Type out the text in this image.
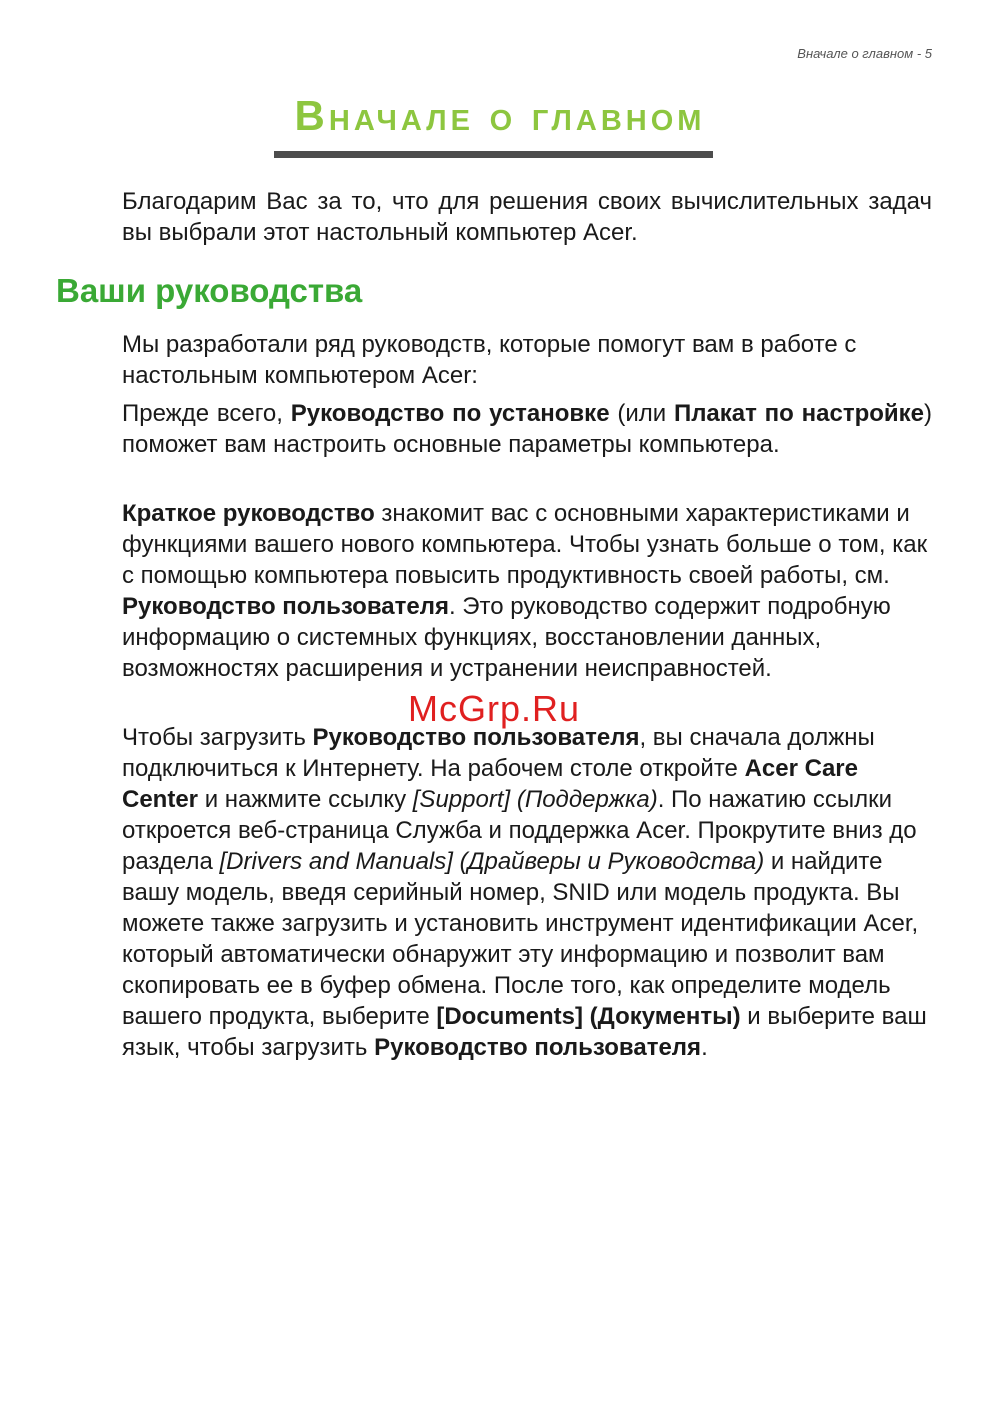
Вначале о главном - 5
Вначале о главном

Благодарим Вас за то, что для решения своих вычислительных задач вы выбрали этот настольный компьютер Acer.

Ваши руководства

Мы разработали ряд руководств, которые помогут вам в работе с настольным компьютером Acer:

Прежде всего, Руководство по установке (или Плакат по настройке) поможет вам настроить основные параметры компьютера.

Краткое руководство знакомит вас с основными характеристиками и функциями вашего нового компьютера. Чтобы узнать больше о том, как с помощью компьютера повысить продуктивность своей работы, см. Руководство пользователя. Это руководство содержит подробную информацию о системных функциях, восстановлении данных, возможностях расширения и устранении неисправностей.

Чтобы загрузить Руководство пользователя, вы сначала должны подключиться к Интернету. На рабочем столе откройте Acer Care Center и нажмите ссылку [Support] (Поддержка). По нажатию ссылки откроется веб-страница Служба и поддержка Acer. Прокрутите вниз до раздела [Drivers and Manuals] (Драйверы и Руководства) и найдите вашу модель, введя серийный номер, SNID или модель продукта. Вы можете также загрузить и установить инструмент идентификации Acer, который автоматически обнаружит эту информацию и позволит вам скопировать ее в буфер обмена. После того, как определите модель вашего продукта, выберите [Documents] (Документы) и выберите ваш язык, чтобы загрузить Руководство пользователя.

McGrp.Ru
